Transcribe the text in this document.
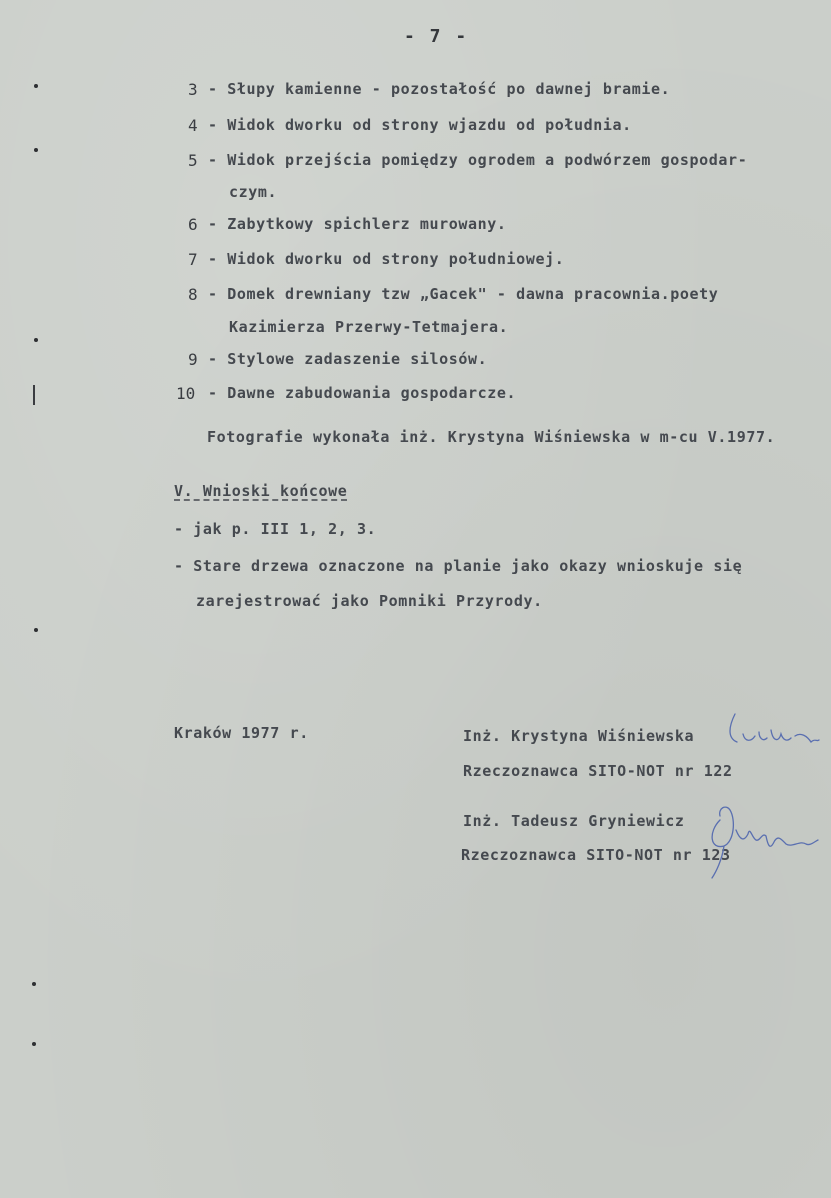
- 7 -
3 - Słupy kamienne - pozostałość po dawnej bramie.
4 - Widok dworku od strony wjazdu od południa.
5 - Widok przejścia pomiędzy ogrodem a podwórzem gospodar-
czym.
6 - Zabytkowy spichlerz murowany.
7 - Widok dworku od strony południowej.
8 - Domek drewniany tzw „Gacek" - dawna pracownia.poety
Kazimierza Przerwy-Tetmajera.
9 - Stylowe zadaszenie silosów.
10 - Dawne zabudowania gospodarcze.
Fotografie wykonała inż. Krystyna Wiśniewska w m-cu V.1977.
V. Wnioski końcowe
- jak p. III 1, 2, 3.
- Stare drzewa oznaczone na planie jako okazy wnioskuje się
zarejestrować jako Pomniki Przyrody.
Kraków 1977 r.	Inż. Krystyna Wiśniewska
Rzeczoznawca SITO-NOT nr 122
Inż. Tadeusz Gryniewicz
Rzeczoznawca SITO-NOT nr 123
